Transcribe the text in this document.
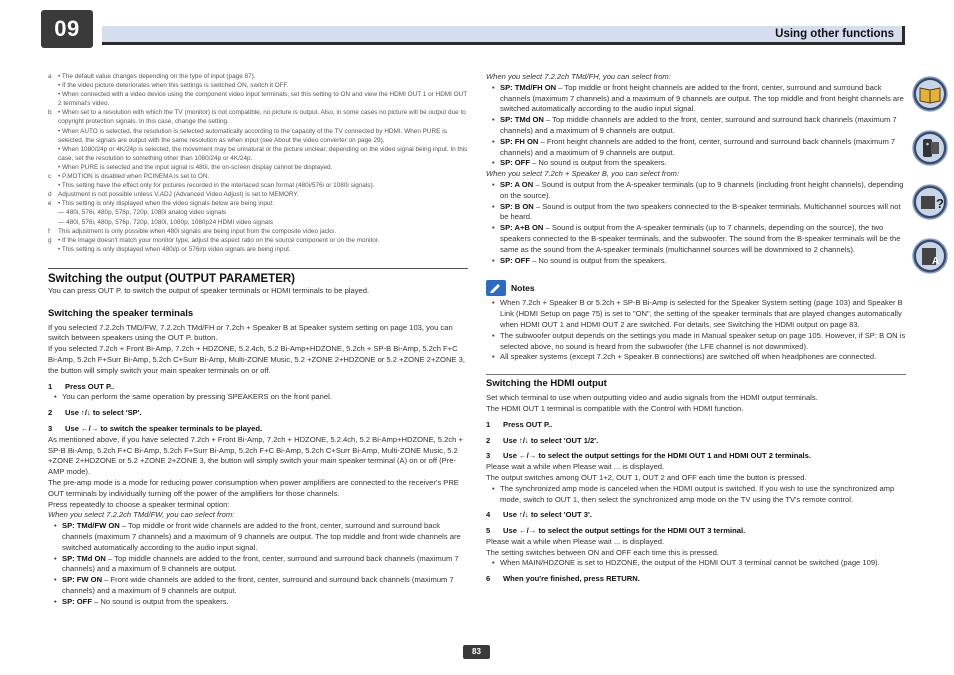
09	Using other functions

?

A
a	• The default value changes depending on the type of input (page 87).
• If the video picture deteriorates when this settings is switched ON, switch it OFF.
• When connected with a video device using the component video input terminals, set this setting to ON and view the HDMI OUT 1 or HDMI OUT 2 terminal's video.
b	• When set to a resolution with which the TV (monitor) is not compatible, no picture is output. Also, in some cases no picture will be output due to copyright protection signals. In this case, change the setting.
• When AUTO is selected, the resolution is selected automatically according to the capacity of the TV connected by HDMI. When PURE is selected, the signals are output with the same resolution as when input (see About the video converter on page 29).
• When 1080/24p or 4K/24p is selected, the movement may be unnatural or the picture unclear, depending on the video signal being input. In this case, set the resolution to something other than 1080/24p or 4K/24p.
• When PURE is selected and the input signal is 480i, the on-screen display cannot be displayed.
c	• P.MOTION is disabled when PCINEMA is set to ON.
• This setting have the effect only for pictures recorded in the interlaced scan format (480i/576i or 1080i signals).
d	Adjustment is not possible unless V.ADJ (Advanced Video Adjust) is set to MEMORY.
e	• This setting is only displayed when the video signals below are being input:
— 480i, 576i, 480p, 576p, 720p, 1080i analog video signals
— 480i, 576i, 480p, 576p, 720p, 1080i, 1080p, 1080p24 HDMI video signals
f	This adjustment is only possible when 480i signals are being input from the composite video jacks.
g	• If the image doesn't match your monitor type, adjust the aspect ratio on the source component or on the monitor.
• This setting is only displayed when 480i/p or 576i/p video signals are being input.
Switching the output (OUTPUT PARAMETER)

You can press OUT P. to switch the output of speaker terminals or HDMI terminals to be played.

Switching the speaker terminals

If you selected 7.2.2ch TMD/FW, 7.2.2ch TMd/FH or 7.2ch + Speaker B at Speaker system setting on page 103, you can switch between speakers using the OUT P. button.

If you selected 7.2ch + Front Bi-Amp, 7.2ch + HDZONE, 5.2.4ch, 5.2 Bi-Amp+HDZONE, 5.2ch + SP-B Bi-Amp, 5.2ch F+C Bi-Amp, 5.2ch F+Surr Bi-Amp, 5.2ch C+Surr Bi-Amp, Multi-ZONE Music, 5.2 +ZONE 2+HDZONE or 5.2 +ZONE 2+ZONE 3, the button will simply switch your main speaker terminals on or off.

1 Press OUT P..

• You can perform the same operation by pressing SPEAKERS on the front panel.

2 Use ↑/↓ to select 'SP'.

3 Use ←/→ to switch the speaker terminals to be played.

As mentioned above, if you have selected 7.2ch + Front Bi-Amp, 7.2ch + HDZONE, 5.2.4ch, 5.2 Bi-Amp+HDZONE, 5.2ch + SP-B Bi-Amp, 5.2ch F+C Bi-Amp, 5.2ch F+Surr Bi-Amp, 5.2ch F+C Bi-Amp, 5.2ch C+Surr Bi-Amp, Multi-ZONE Music, 5.2 +ZONE 2+HDZONE or 5.2 +ZONE 2+ZONE 3, the button will simply switch your main speaker terminal (A) on or off (Pre-AMP mode).

The pre-amp mode is a mode for reducing power consumption when power amplifiers are connected to the receiver's PRE OUT terminals by individually turning off the power of the amplifiers for those channels.

Press repeatedly to choose a speaker terminal option:

When you select 7.2.2ch TMd/FW, you can select from:

• SP: TMd/FW ON – Top middle or front wide channels are added to the front, center, surround and surround back channels (maximum 7 channels) and a maximum of 9 channels are output. The top middle and front wide channels are switched automatically according to the audio input signal.

• SP: TMd ON – Top middle channels are added to the front, center, surround and surround back channels (maximum 7 channels) and a maximum of 9 channels are output.

• SP: FW ON – Front wide channels are added to the front, center, surround and surround back channels (maximum 7 channels) and a maximum of 9 channels are output.

• SP: OFF – No sound is output from the speakers.

When you select 7.2.2ch TMd/FH, you can select from:

• SP: TMd/FH ON – Top middle or front height channels are added to the front, center, surround and surround back channels (maximum 7 channels) and a maximum of 9 channels are output. The top middle and front height channels are switched automatically according to the audio input signal.

• SP: TMd ON – Top middle channels are added to the front, center, surround and surround back channels (maximum 7 channels) and a maximum of 9 channels are output.

• SP: FH ON – Front height channels are added to the front, center, surround and surround back channels (maximum 7 channels) and a maximum of 9 channels are output.

• SP: OFF – No sound is output from the speakers.

When you select 7.2ch + Speaker B, you can select from:

• SP: A ON – Sound is output from the A-speaker terminals (up to 9 channels (including front height channels), depending on the source).

• SP: B ON – Sound is output from the two speakers connected to the B-speaker terminals. Multichannel sources will not be heard.

• SP: A+B ON – Sound is output from the A-speaker terminals (up to 7 channels, depending on the source), the two speakers connected to the B-speaker terminals, and the subwoofer. The sound from the B-speaker terminals will be the same as the sound from the A-speaker terminals (multichannel sources will be downmixed to 2 channels).

• SP: OFF – No sound is output from the speakers.

Notes

• When 7.2ch + Speaker B or 5.2ch + SP-B Bi-Amp is selected for the Speaker System setting (page 103) and Speaker B Link (HDMI Setup on page 75) is set to "ON", the setting of the speaker terminals that are played changes automatically when HDMI OUT 1 and HDMI OUT 2 are switched. For details, see Switching the HDMI output on page 83.

• The subwoofer output depends on the settings you made in Manual speaker setup on page 105. However, if SP: B ON is selected above, no sound is heard from the subwoofer (the LFE channel is not downmixed).

• All speaker systems (except 7.2ch + Speaker B connections) are switched off when headphones are connected.

Switching the HDMI output

Set which terminal to use when outputting video and audio signals from the HDMI output terminals.

The HDMI OUT 1 terminal is compatible with the Control with HDMI function.

1 Press OUT P..

2 Use ↑/↓ to select 'OUT 1/2'.

3 Use ←/→ to select the output settings for the HDMI OUT 1 and HDMI OUT 2 terminals.

Please wait a while when Please wait ... is displayed.

The output switches among OUT 1+2, OUT 1, OUT 2 and OFF each time the button is pressed.

• The synchronized amp mode is canceled when the HDMI output is switched. If you wish to use the synchronized amp mode, switch to OUT 1, then select the synchronized amp mode on the TV using the TV's remote control.

4 Use ↑/↓ to select 'OUT 3'.

5 Use ←/→ to select the output settings for the HDMI OUT 3 terminal.

Please wait a while when Please wait ... is displayed.

The setting switches between ON and OFF each time this is pressed.

• When MAIN/HDZONE is set to HDZONE, the output of the HDMI OUT 3 terminal cannot be switched (page 109).

6 When you're finished, press RETURN.

83
